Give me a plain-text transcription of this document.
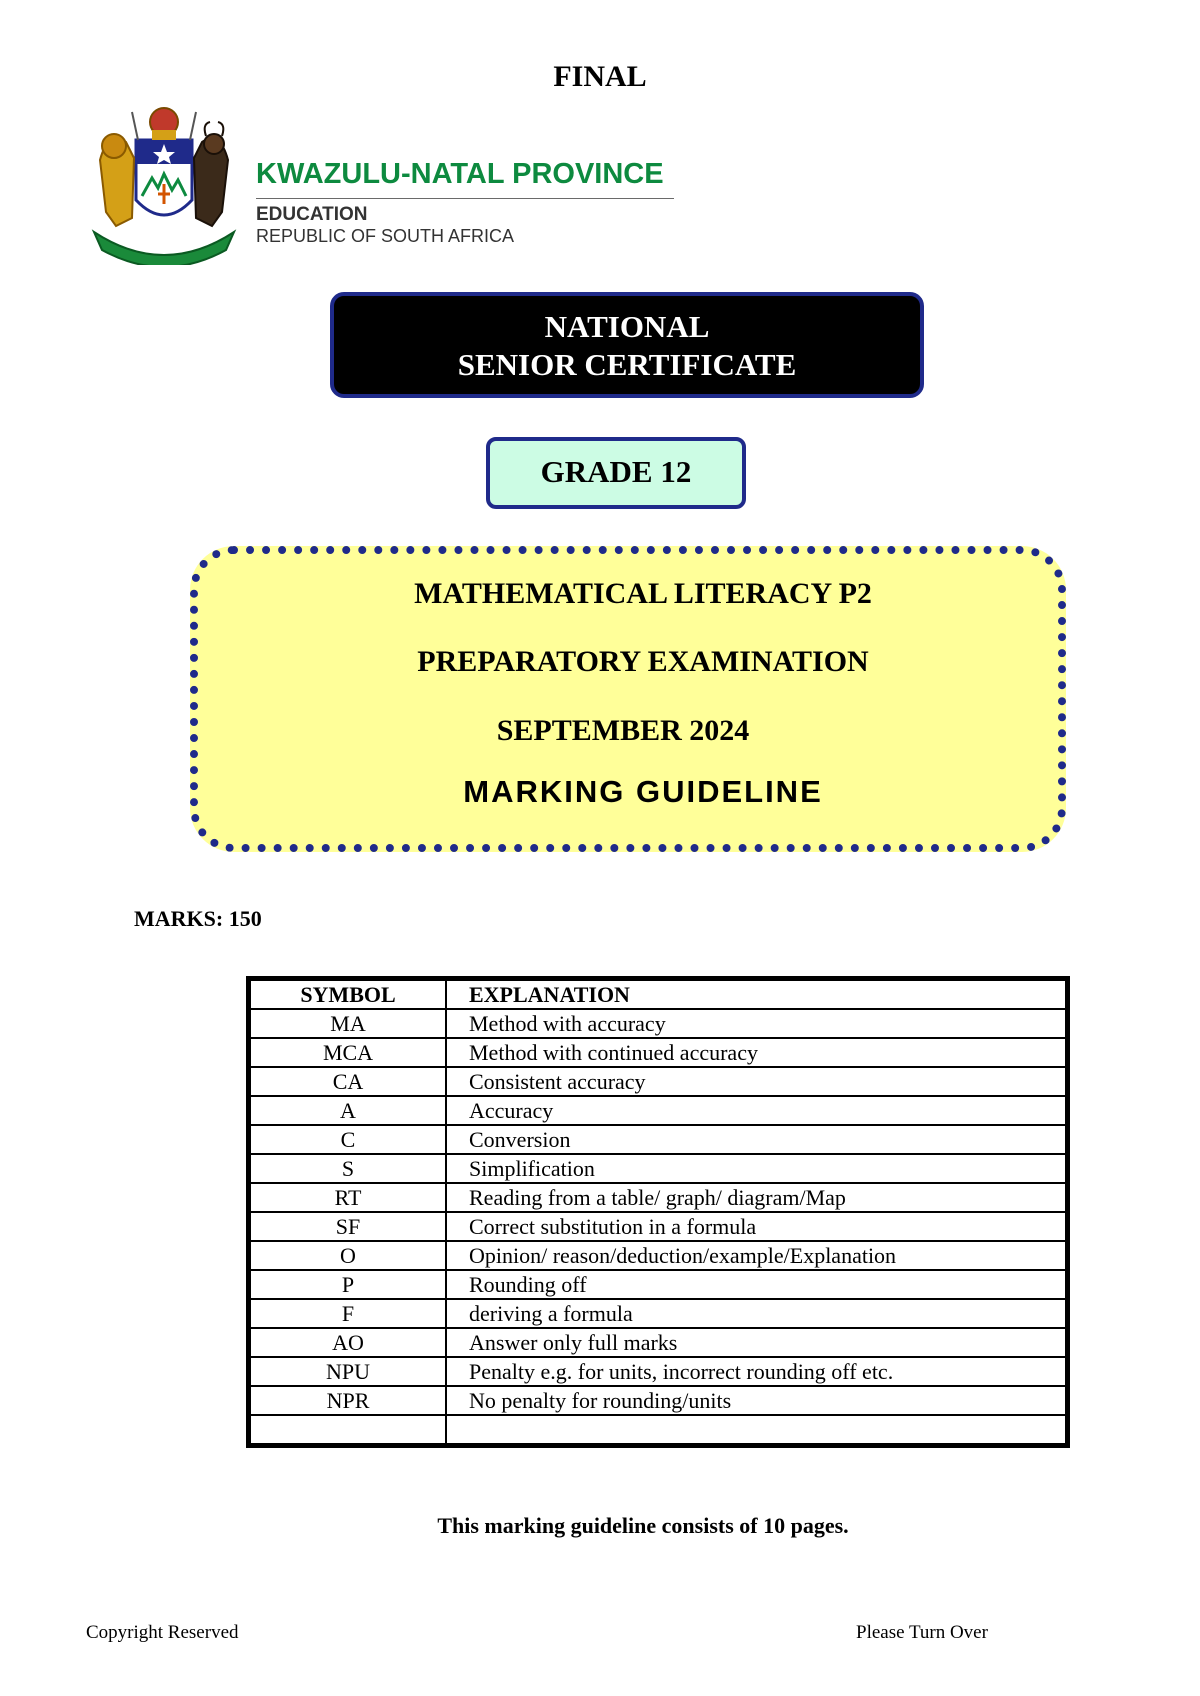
FINAL
KWAZULU-NATAL PROVINCE
EDUCATION
REPUBLIC OF SOUTH AFRICA
NATIONAL
SENIOR CERTIFICATE
GRADE 12
MATHEMATICAL LITERACY P2
PREPARATORY EXAMINATION
SEPTEMBER 2024
MARKING GUIDELINE
MARKS: 150
SYMBOL	EXPLANATION
MA	Method with accuracy
MCA	Method with continued accuracy
CA	Consistent accuracy
A	Accuracy
C	Conversion
S	Simplification
RT	Reading from a table/ graph/ diagram/Map
SF	Correct substitution in a formula
O	Opinion/ reason/deduction/example/Explanation
P	Rounding off
F	deriving a formula
AO	Answer only full marks
NPU	Penalty e.g. for units, incorrect rounding off etc.
NPR	No penalty for rounding/units

This marking guideline consists of 10 pages.
Copyright Reserved	Please Turn Over
